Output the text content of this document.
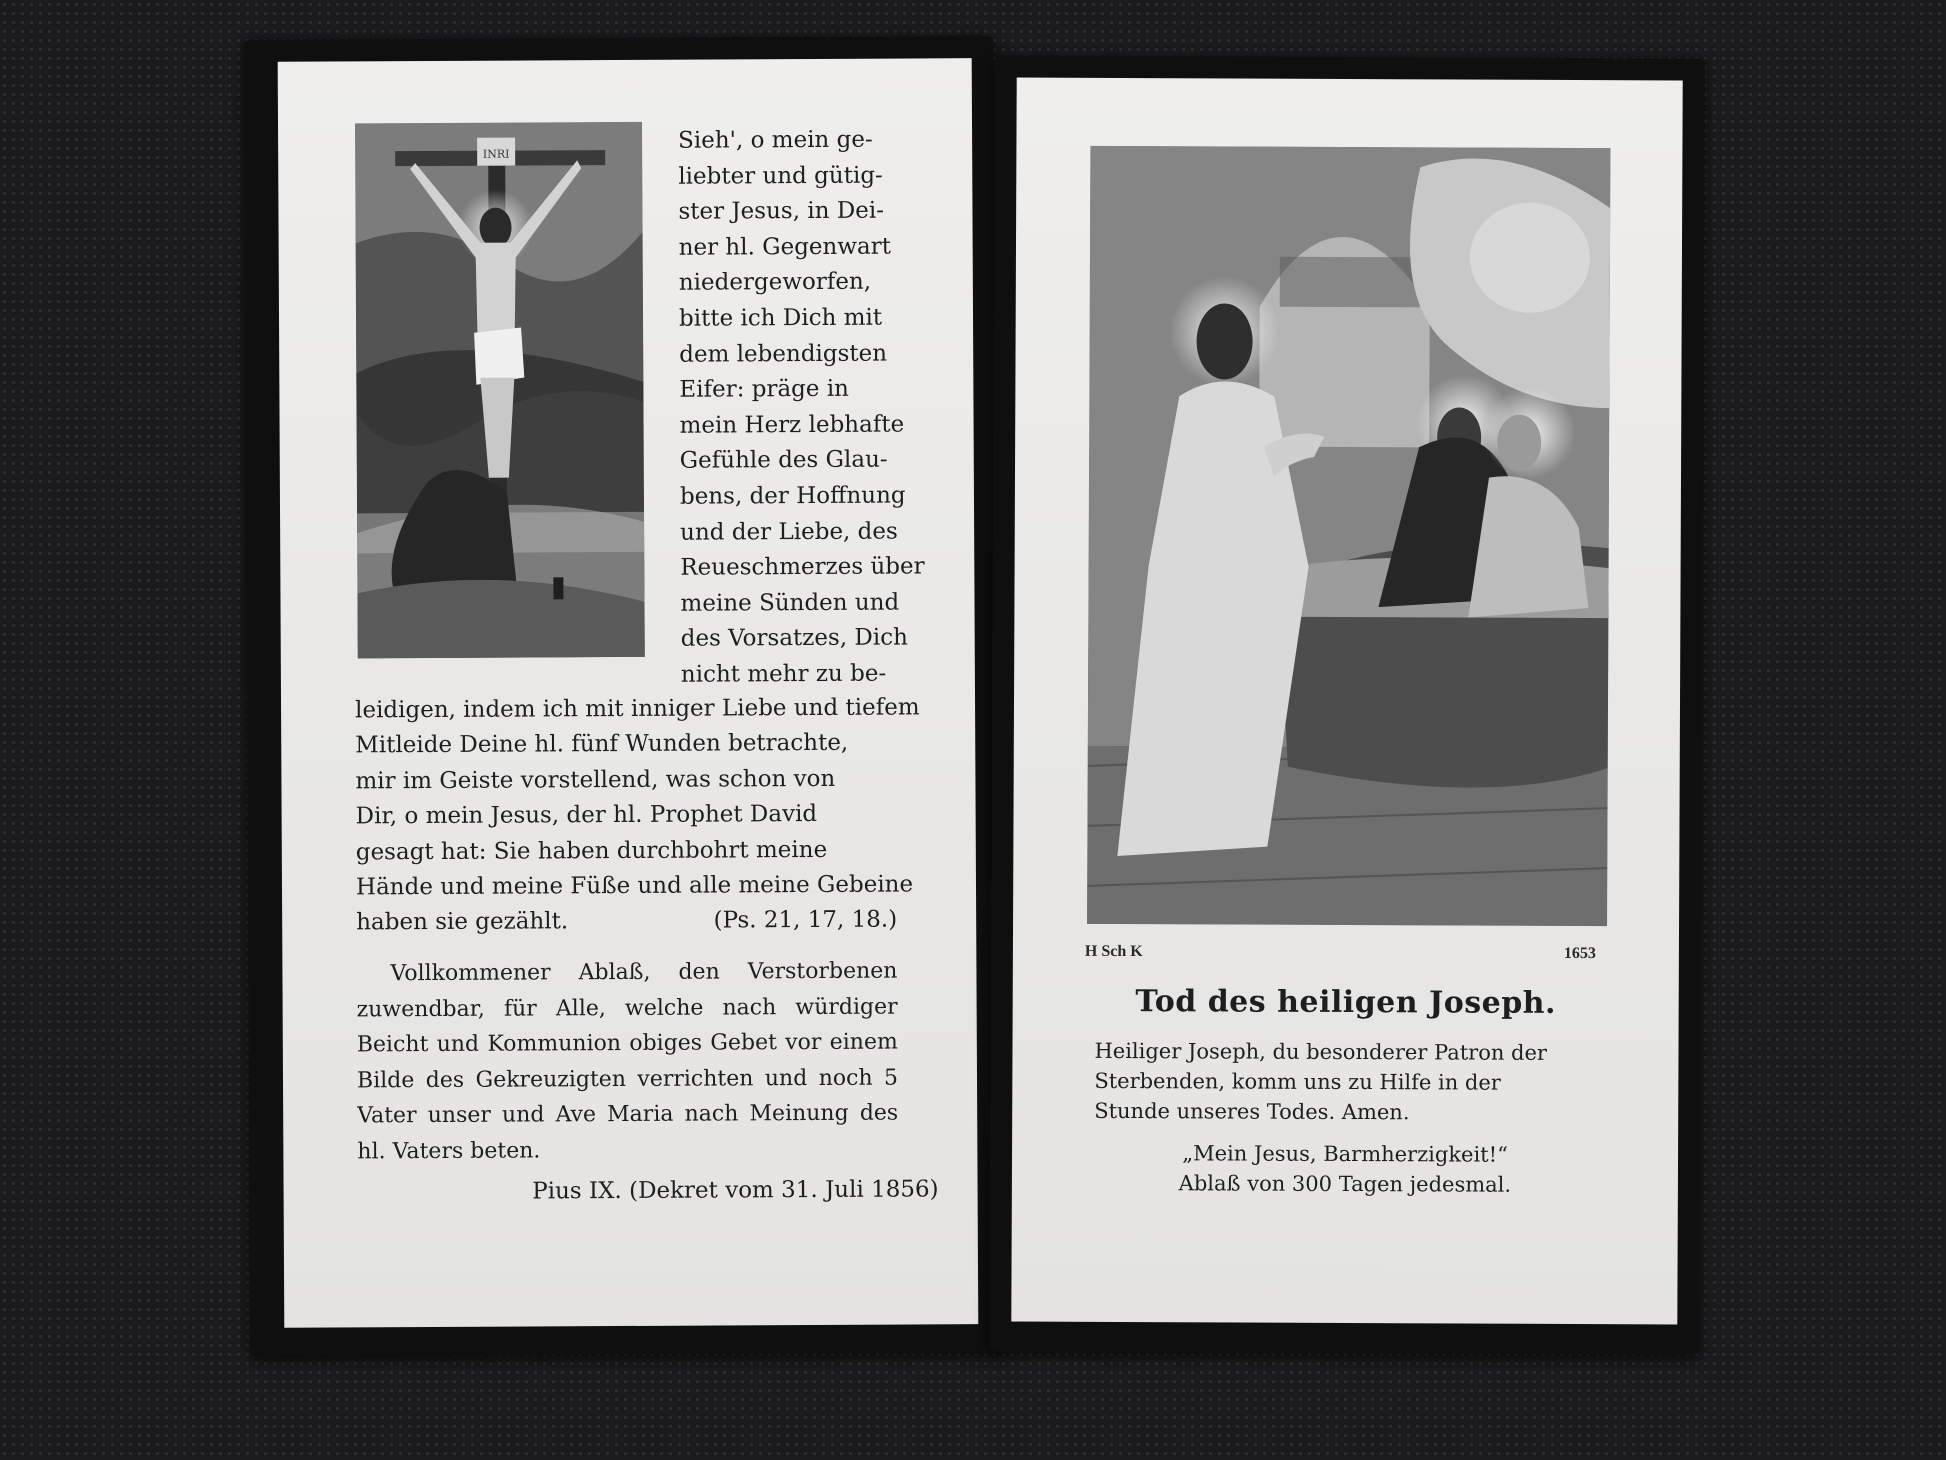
INRI
Sieh', o mein ge-
liebter und gütig-
ster Jesus, in Dei-
ner hl. Gegenwart
niedergeworfen,
bitte ich Dich mit
dem lebendigsten
Eifer: präge in
mein Herz lebhafte
Gefühle des Glau-
bens, der Hoffnung
und der Liebe, des
Reueschmerzes über
meine Sünden und
des Vorsatzes, Dich
nicht mehr zu be-
leidigen, indem ich mit inniger Liebe und tiefem
Mitleide Deine hl. fünf Wunden betrachte,
mir im Geiste vorstellend, was schon von
Dir, o mein Jesus, der hl. Prophet David
gesagt hat: Sie haben durchbohrt meine
Hände und meine Füße und alle meine Gebeine
haben sie gezählt.	(Ps. 21, 17, 18.)
Vollkommener Ablaß, den Verstorbenen zuwendbar, für Alle, welche nach würdiger Beicht und Kommunion obiges Gebet vor einem Bilde des Gekreuzigten verrichten und noch 5 Vater unser und Ave Maria nach Meinung des hl. Vaters beten.
Pius IX. (Dekret vom 31. Juli 1856)
H Sch K	1653
Tod des heiligen Joseph.
Heiliger Joseph, du besonderer Patron der
Sterbenden, komm uns zu Hilfe in der
Stunde unseres Todes. Amen.
„Mein Jesus, Barmherzigkeit!“
Ablaß von 300 Tagen jedesmal.
